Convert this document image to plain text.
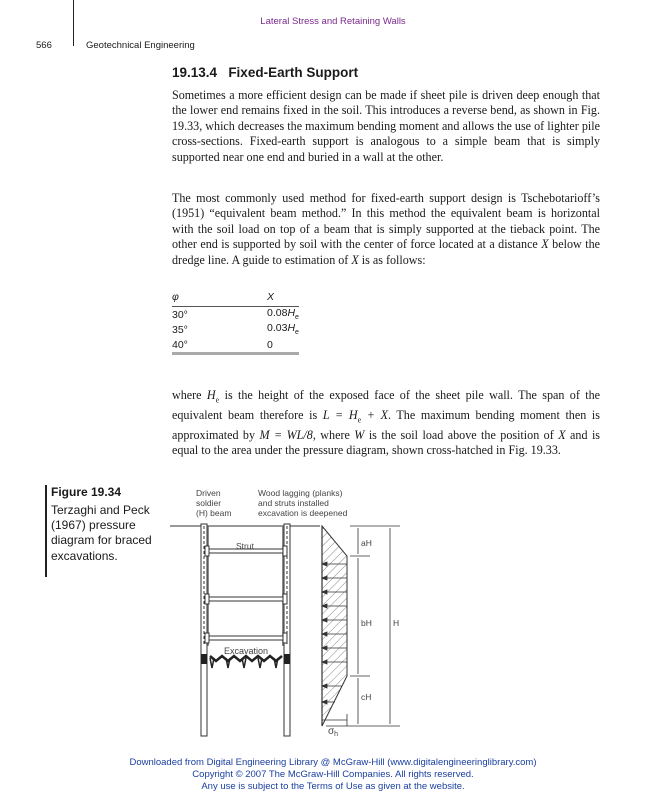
Lateral Stress and Retaining Walls
566	Geotechnical Engineering
19.13.4 Fixed-Earth Support

Sometimes a more efficient design can be made if sheet pile is driven deep enough that the lower end remains fixed in the soil. This introduces a reverse bend, as shown in Fig. 19.33, which decreases the maximum bending moment and allows the use of lighter pile cross-sections. Fixed-earth support is analogous to a simple beam that is simply supported near one end and buried in a wall at the other.

The most commonly used method for fixed-earth support design is Tschebotarioff’s (1951) “equivalent beam method.” In this method the equivalent beam is horizontal with the soil load on top of a beam that is simply supported at the tieback point. The other end is supported by soil with the center of force located at a distance X below the dredge line. A guide to estimation of X is as follows:

φ	X
30°	$0.08H_e$
35°	$0.03H_e$
40°	0

where $H_e$ is the height of the exposed face of the sheet pile wall. The span of the equivalent beam therefore is $L = H_e + X$. The maximum bending moment then is approximated by M = WL/8, where W is the soil load above the position of X and is equal to the area under the pressure diagram, shown cross-hatched in Fig. 19.33.

Figure 19.34
Terzaghi and Peck (1967) pressure diagram for braced excavations.
Driven
soldier
(H) beam
Wood lagging (planks)
and struts installed
excavation is deepened
Strut
Excavation
aH
bH
cH
H
$\sigma_h$
Downloaded from Digital Engineering Library @ McGraw-Hill (www.digitalengineeringlibrary.com)
Copyright © 2007 The McGraw-Hill Companies. All rights reserved.
Any use is subject to the Terms of Use as given at the website.
